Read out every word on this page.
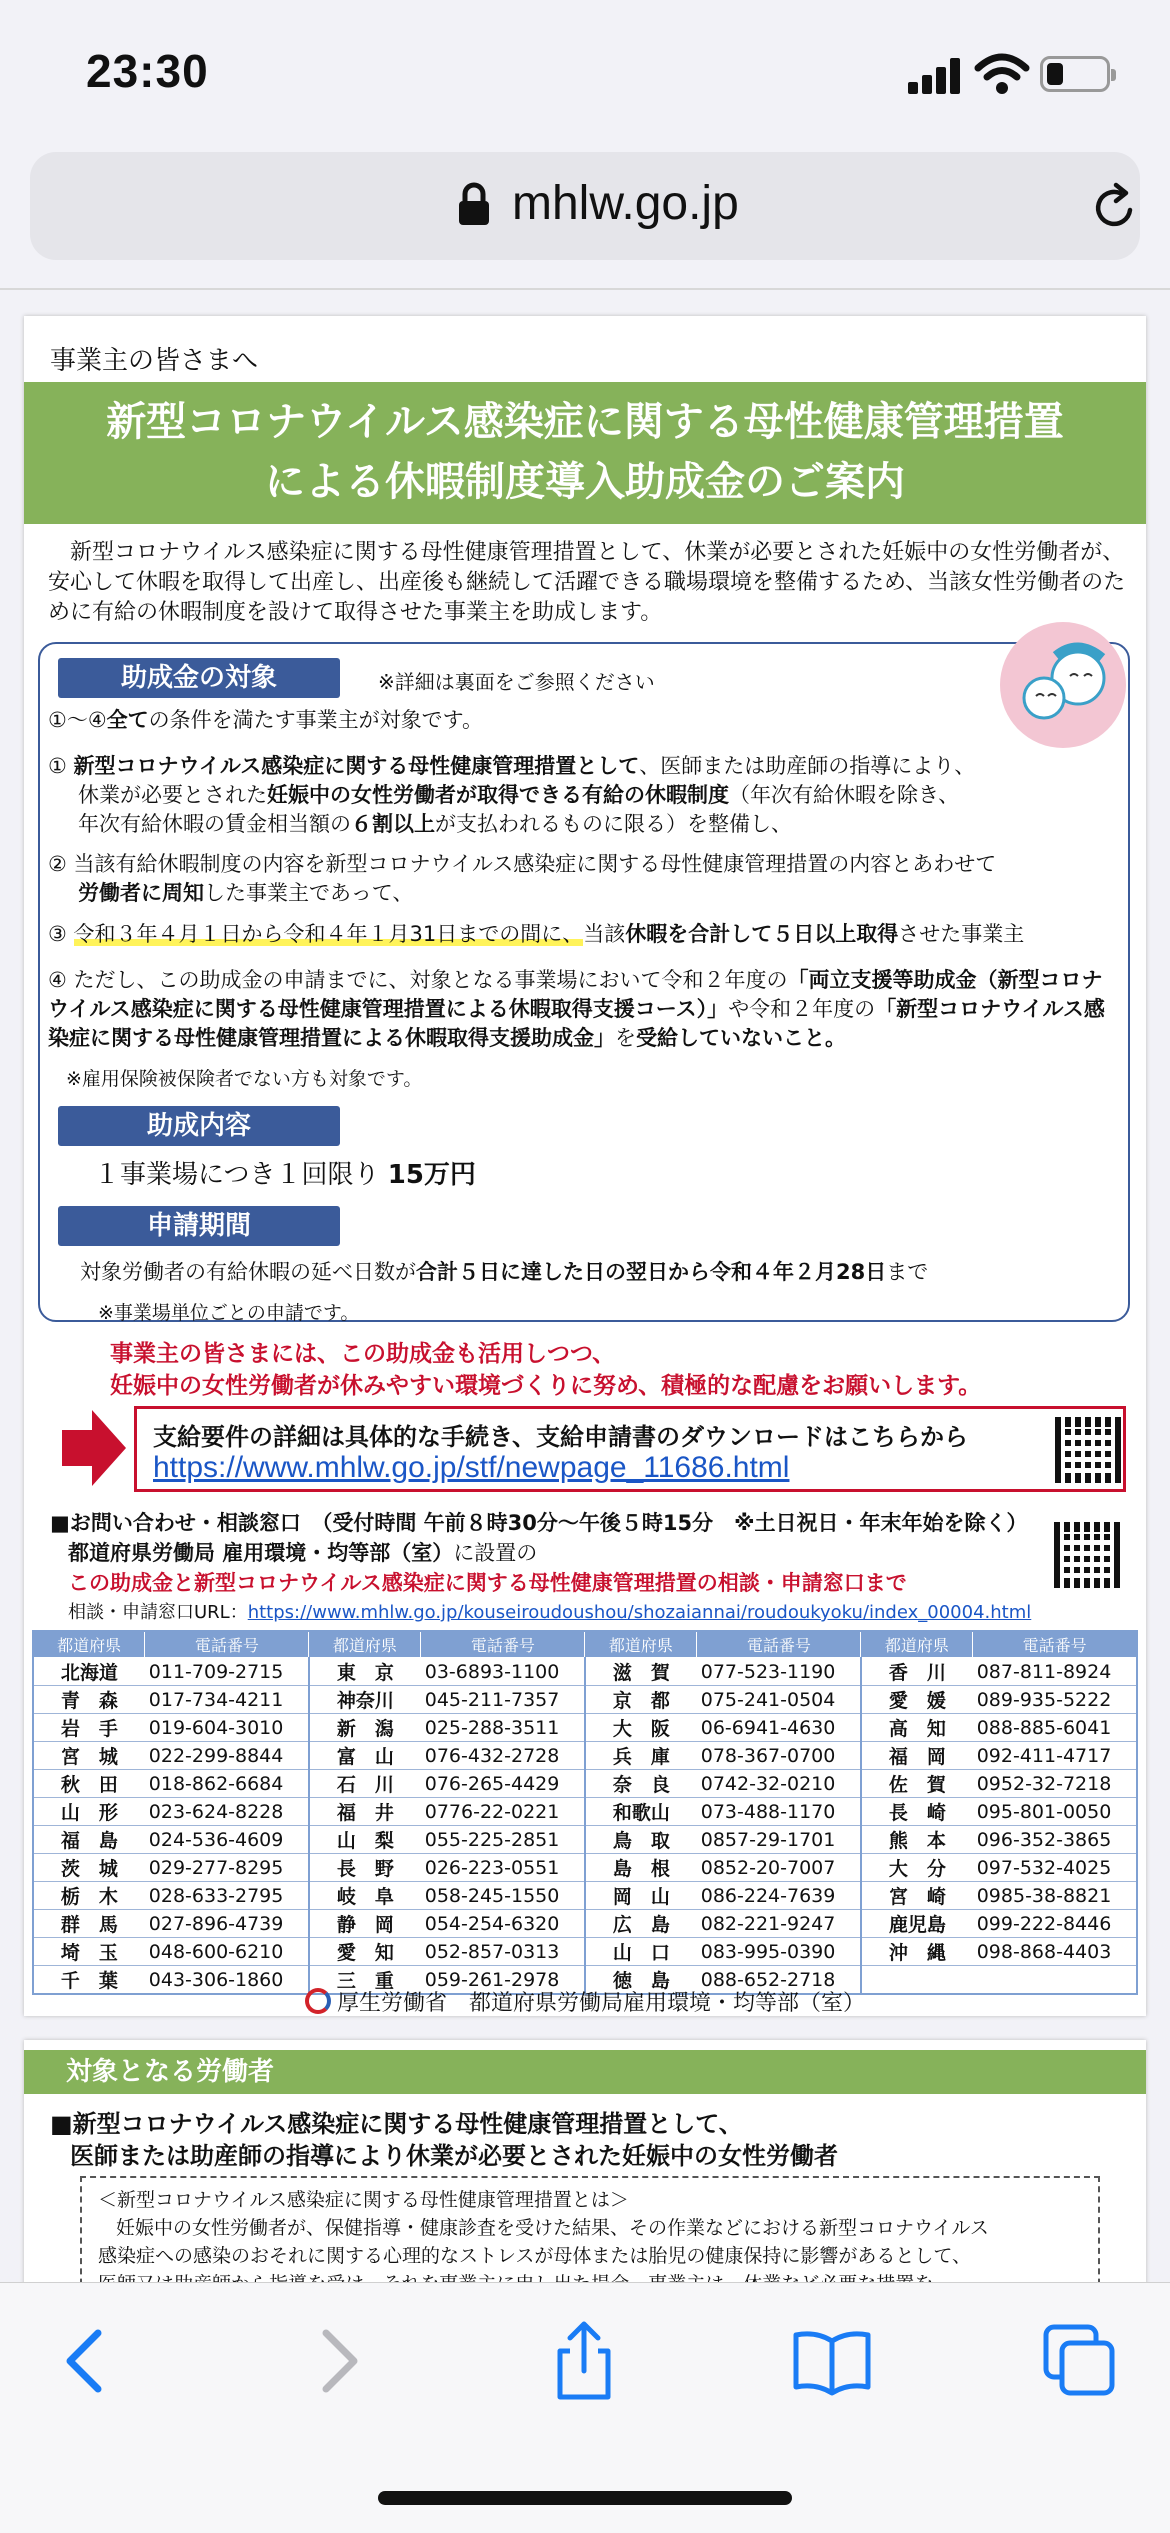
23:30
mhlw.go.jp
事業主の皆さまへ
新型コロナウイルス感染症に関する母性健康管理措置
による休暇制度導入助成金のご案内
新型コロナウイルス感染症に関する母性健康管理措置として、休業が必要とされた妊娠中の女性労働者が、安心して休暇を取得して出産し、出産後も継続して活躍できる職場環境を整備するため、当該女性労働者のために有給の休暇制度を設けて取得させた事業主を助成します。
助成金の対象	※詳細は裏面をご参照ください
①～④全ての条件を満たす事業主が対象です。
① 新型コロナウイルス感染症に関する母性健康管理措置として、医師または助産師の指導により、
休業が必要とされた妊娠中の女性労働者が取得できる有給の休暇制度（年次有給休暇を除き、
年次有給休暇の賃金相当額の６割以上が支払われるものに限る）を整備し、
② 当該有給休暇制度の内容を新型コロナウイルス感染症に関する母性健康管理措置の内容とあわせて
労働者に周知した事業主であって、
③ 令和３年４月１日から令和４年１月31日までの間に、当該休暇を合計して５日以上取得させた事業主
④ ただし、この助成金の申請までに、対象となる事業場において令和２年度の「両立支援等助成金（新型コロナウイルス感染症に関する母性健康管理措置による休暇取得支援コース）」や令和２年度の「新型コロナウイルス感染症に関する母性健康管理措置による休暇取得支援助成金」を受給していないこと。
※雇用保険被保険者でない方も対象です。
助成内容
１事業場につき１回限り 15万円
申請期間
対象労働者の有給休暇の延べ日数が合計５日に達した日の翌日から令和４年２月28日まで
※事業場単位ごとの申請です。
事業主の皆さまには、この助成金も活用しつつ、
妊娠中の女性労働者が休みやすい環境づくりに努め、積極的な配慮をお願いします。
支給要件の詳細は具体的な手続き、支給申請書のダウンロードはこちらから
https://www.mhlw.go.jp/stf/newpage_11686.html
■お問い合わせ・相談窓口　（受付時間 午前８時30分～午後５時15分　※土日祝日・年末年始を除く）
都道府県労働局 雇用環境・均等部（室）に設置の
この助成金と新型コロナウイルス感染症に関する母性健康管理措置の相談・申請窓口まで
相談・申請窓口URL：https://www.mhlw.go.jp/kouseiroudoushou/shozaiannai/roudoukyoku/index_00004.html
都道府県	電話番号	都道府県	電話番号	都道府県	電話番号	都道府県	電話番号
北海道	011-709-2715	東　京	03-6893-1100	滋　賀	077-523-1190	香　川	087-811-8924
青　森	017-734-4211	神奈川	045-211-7357	京　都	075-241-0504	愛　媛	089-935-5222
岩　手	019-604-3010	新　潟	025-288-3511	大　阪	06-6941-4630	高　知	088-885-6041
宮　城	022-299-8844	富　山	076-432-2728	兵　庫	078-367-0700	福　岡	092-411-4717
秋　田	018-862-6684	石　川	076-265-4429	奈　良	0742-32-0210	佐　賀	0952-32-7218
山　形	023-624-8228	福　井	0776-22-0221	和歌山	073-488-1170	長　崎	095-801-0050
福　島	024-536-4609	山　梨	055-225-2851	鳥　取	0857-29-1701	熊　本	096-352-3865
茨　城	029-277-8295	長　野	026-223-0551	島　根	0852-20-7007	大　分	097-532-4025
栃　木	028-633-2795	岐　阜	058-245-1550	岡　山	086-224-7639	宮　崎	0985-38-8821
群　馬	027-896-4739	静　岡	054-254-6320	広　島	082-221-9247	鹿児島	099-222-8446
埼　玉	048-600-6210	愛　知	052-857-0313	山　口	083-995-0390	沖　縄	098-868-4403
千　葉	043-306-1860	三　重	059-261-2978	徳　島	088-652-2718		
厚生労働省　都道府県労働局雇用環境・均等部（室）
対象となる労働者
■新型コロナウイルス感染症に関する母性健康管理措置として、
医師または助産師の指導により休業が必要とされた妊娠中の女性労働者
＜新型コロナウイルス感染症に関する母性健康管理措置とは＞
妊娠中の女性労働者が、保健指導・健康診査を受けた結果、その作業などにおける新型コロナウイルス
感染症への感染のおそれに関する心理的なストレスが母体または胎児の健康保持に影響があるとして、
